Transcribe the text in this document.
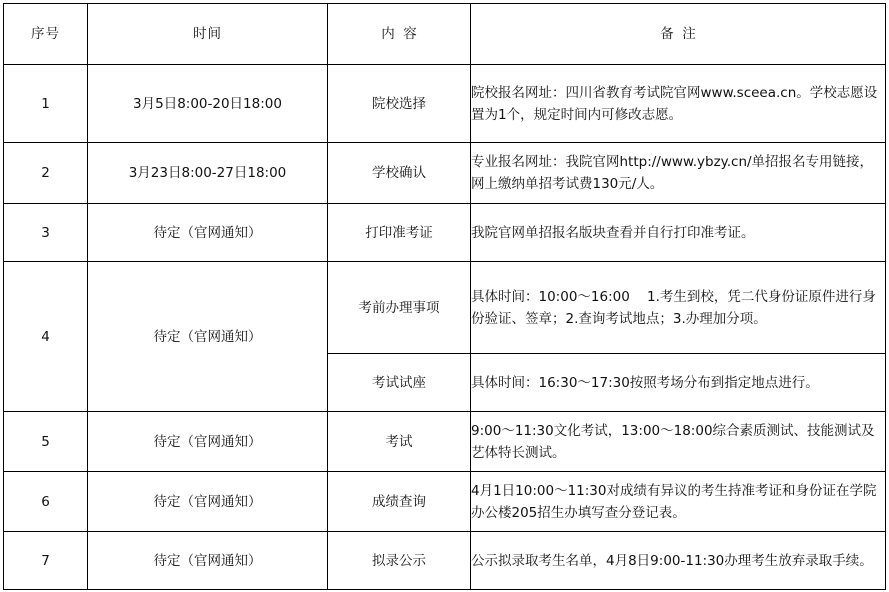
序号	时间	内  容	备  注
1	3月5日8:00-20日18:00	院校选择	院校报名网址：四川省教育考试院官网www.sceea.cn。学校志愿设置为1个，规定时间内可修改志愿。
2	3月23日8:00-27日18:00	学校确认	专业报名网址：我院官网http://www.ybzy.cn/单招报名专用链接，网上缴纳单招考试费130元/人。
3	待定（官网通知）	打印准考证	我院官网单招报名版块查看并自行打印准考证。
4	待定（官网通知）	考前办理事项	具体时间：10:00～16:00    1.考生到校，凭二代身份证原件进行身份验证、签章；2.查询考试地点；3.办理加分项。
		考试试座	具体时间：16:30～17:30按照考场分布到指定地点进行。
5	待定（官网通知）	考试	9:00～11:30文化考试，13:00～18:00综合素质测试、技能测试及艺体特长测试。
6	待定（官网通知）	成绩查询	4月1日10:00～11:30对成绩有异议的考生持准考证和身份证在学院办公楼205招生办填写查分登记表。
7	待定（官网通知）	拟录公示	公示拟录取考生名单，4月8日9:00-11:30办理考生放弃录取手续。
